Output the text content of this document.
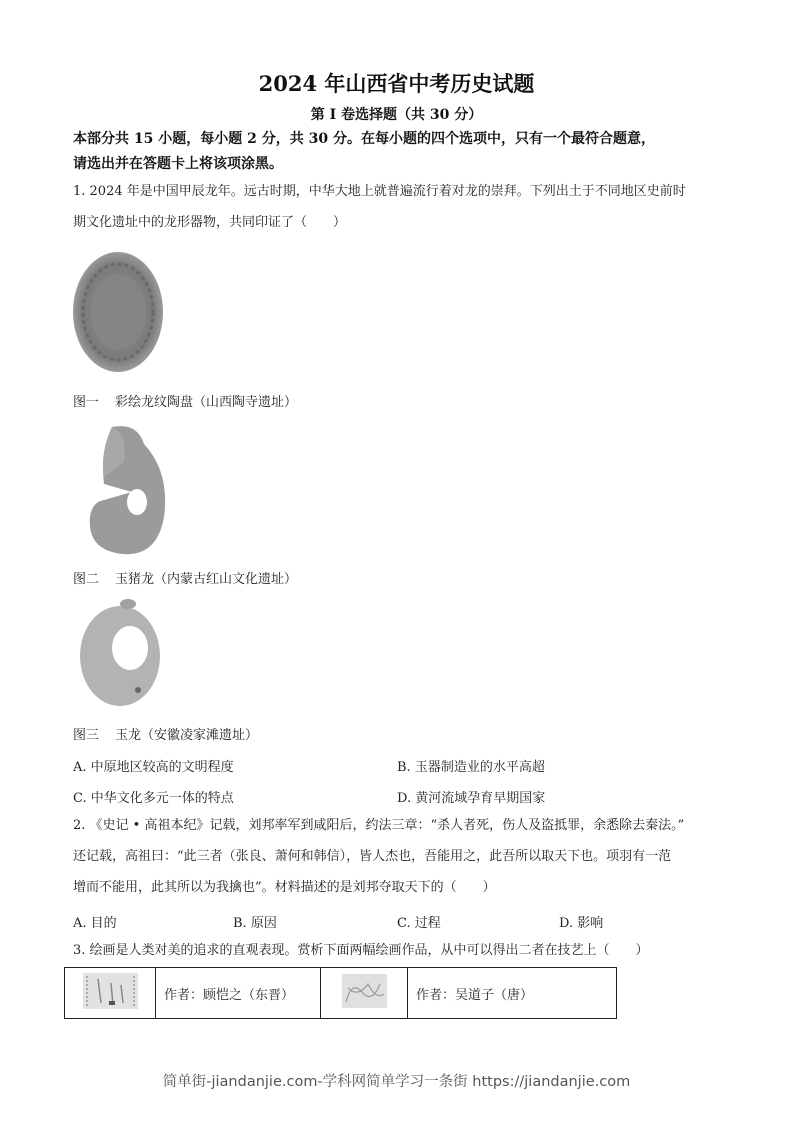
2024 年山西省中考历史试题
第 I 卷选择题（共 30 分）
本部分共 15 小题，每小题 2 分，共 30 分。在每小题的四个选项中，只有一个最符合题意，
请选出并在答题卡上将该项涂黑。
1. 2024 年是中国甲辰龙年。远古时期，中华大地上就普遍流行着对龙的崇拜。下列出土于不同地区史前时
期文化遗址中的龙形器物，共同印证了（　　）
图一 彩绘龙纹陶盘（山西陶寺遗址）
图二 玉猪龙（内蒙古红山文化遗址）
图三 玉龙（安徽凌家滩遗址）
A. 中原地区较高的文明程度	B. 玉器制造业的水平高超
C. 中华文化多元一体的特点	D. 黄河流域孕育早期国家
2. 《史记 • 高祖本纪》记载，刘邦率军到咸阳后，约法三章：“杀人者死，伤人及盗抵罪，余悉除去秦法。”
还记载，高祖曰：“此三者（张良、萧何和韩信），皆人杰也，吾能用之，此吾所以取天下也。项羽有一范
增而不能用，此其所以为我擒也”。材料描述的是刘邦夺取天下的（　　）
A. 目的	B. 原因	C. 过程	D. 影响
3. 绘画是人类对美的追求的直观表现。赏析下面两幅绘画作品，从中可以得出二者在技艺上（　　）
	作者：顾恺之（东晋）		作者：吴道子（唐）
简单街-jiandanjie.com-学科网简单学习一条街 https://jiandanjie.com
